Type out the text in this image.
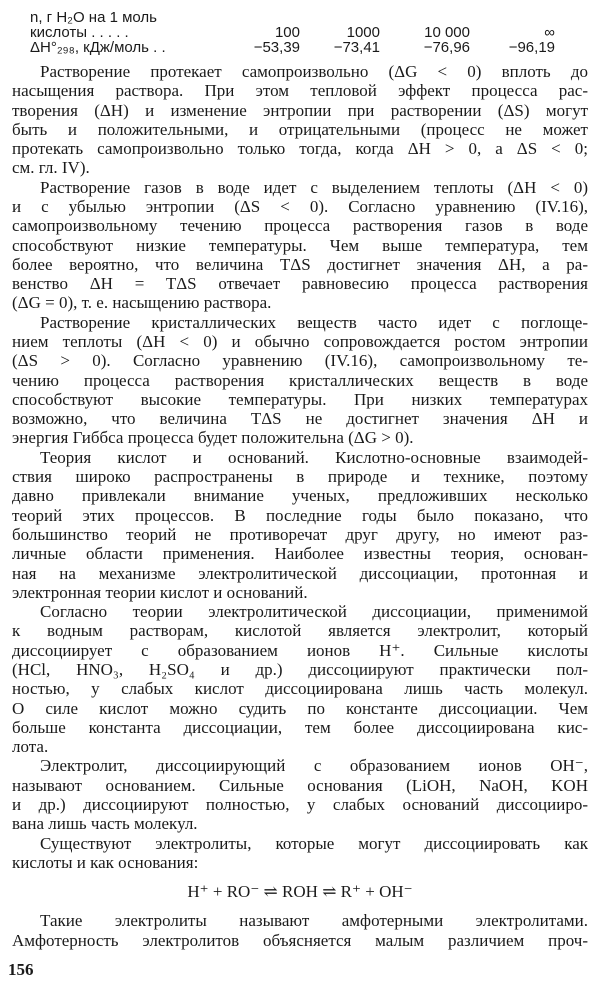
n, г H₂O на 1 моль
кислоты . . . . .	100	1000	10 000	∞
ΔH°₂₉₈, кДж/моль . .	−53,39	−73,41	−76,96	−96,19
Растворение протекает самопроизвольно (ΔG < 0) вплоть до
насыщения раствора. При этом тепловой эффект процесса рас-
творения (ΔH) и изменение энтропии при растворении (ΔS) могут
быть и положительными, и отрицательными (процесс не может
протекать самопроизвольно только тогда, когда ΔH > 0, а ΔS < 0;
см. гл. IV).
Растворение газов в воде идет с выделением теплоты (ΔH < 0)
и с убылью энтропии (ΔS < 0). Согласно уравнению (IV.16),
самопроизвольному течению процесса растворения газов в воде
способствуют низкие температуры. Чем выше температура, тем
более вероятно, что величина TΔS достигнет значения ΔH, а ра-
венство ΔH = TΔS отвечает равновесию процесса растворения
(ΔG = 0), т. е. насыщению раствора.
Растворение кристаллических веществ часто идет с поглоще-
нием теплоты (ΔH < 0) и обычно сопровождается ростом энтропии
(ΔS > 0). Согласно уравнению (IV.16), самопроизвольному те-
чению процесса растворения кристаллических веществ в воде
способствуют высокие температуры. При низких температурах
возможно, что величина TΔS не достигнет значения ΔH и
энергия Гиббса процесса будет положительна (ΔG > 0).
Теория кислот и оснований. Кислотно-основные взаимодей-
ствия широко распространены в природе и технике, поэтому
давно привлекали внимание ученых, предложивших несколько
теорий этих процессов. В последние годы было показано, что
большинство теорий не противоречат друг другу, но имеют раз-
личные области применения. Наиболее известны теория, основан-
ная на механизме электролитической диссоциации, протонная и
электронная теории кислот и оснований.
Согласно теории электролитической диссоциации, применимой
к водным растворам, кислотой является электролит, который
диссоциирует с образованием ионов H⁺. Сильные кислоты
(HCl, HNO₃, H₂SO₄ и др.) диссоциируют практически пол-
ностью, у слабых кислот диссоциирована лишь часть молекул.
О силе кислот можно судить по константе диссоциации. Чем
больше константа диссоциации, тем более диссоциирована кис-
лота.
Электролит, диссоциирующий с образованием ионов OH⁻,
называют основанием. Сильные основания (LiOH, NaOH, KOH
и др.) диссоциируют полностью, у слабых оснований диссоцииро-
вана лишь часть молекул.
Существуют электролиты, которые могут диссоциировать как
кислоты и как основания:
H⁺ + RO⁻ ⇌ ROH ⇌ R⁺ + OH⁻
Такие электролиты называют амфотерными электролитами.
Амфотерность электролитов объясняется малым различием проч-
156
